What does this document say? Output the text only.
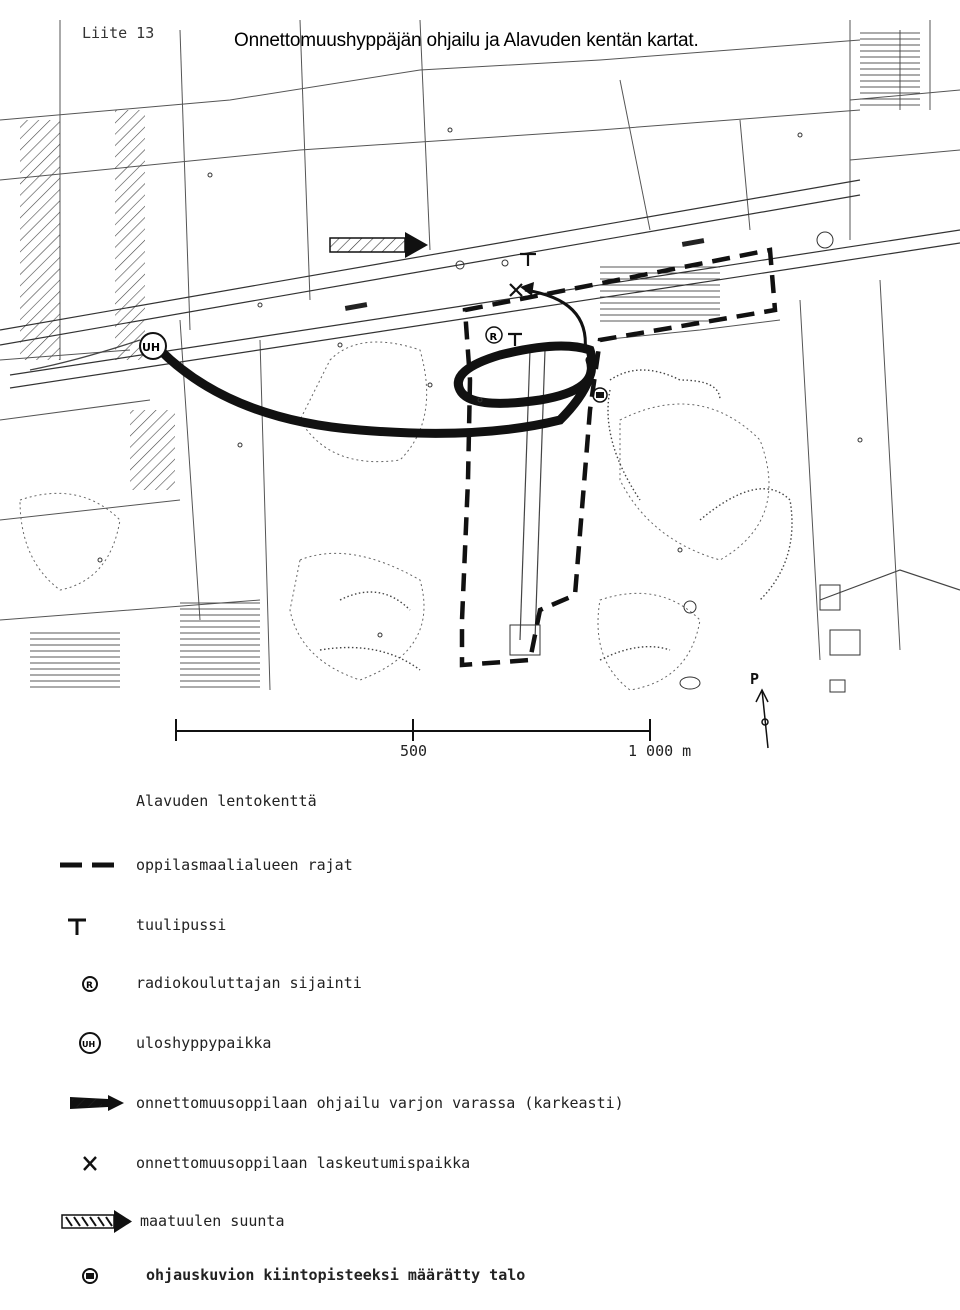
R
UH
Liite 13	Onnettomuushyppäjän ohjailu ja Alavuden kentän kartat.
500	1 000 m
P
Alavuden lentokenttä
oppilasmaalialueen rajat
tuulipussi
R	radiokouluttajan sijainti
UH	uloshyppypaikka
onnettomuusoppilaan ohjailu varjon varassa (karkeasti)
onnettomuusoppilaan laskeutumispaikka
maatuulen suunta
ohjauskuvion kiintopisteeksi määrätty talo
